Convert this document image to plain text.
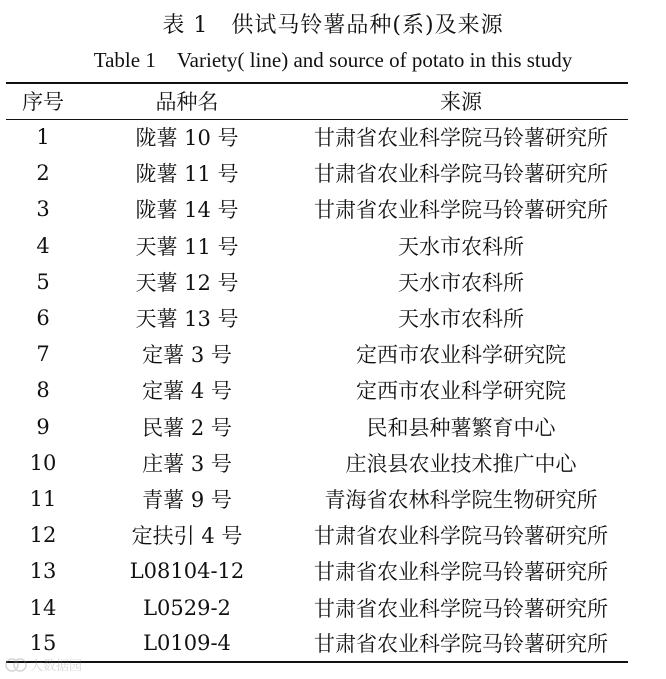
表 1　供试马铃薯品种(系)及来源
Table 1　Variety( line) and source of potato in this study
序号	品种名	来源
1	陇薯 10 号	甘肃省农业科学院马铃薯研究所
2	陇薯 11 号	甘肃省农业科学院马铃薯研究所
3	陇薯 14 号	甘肃省农业科学院马铃薯研究所
4	天薯 11 号	天水市农科所
5	天薯 12 号	天水市农科所
6	天薯 13 号	天水市农科所
7	定薯 3 号	定西市农业科学研究院
8	定薯 4 号	定西市农业科学研究院
9	民薯 2 号	民和县种薯繁育中心
10	庄薯 3 号	庄浪县农业技术推广中心
11	青薯 9 号	青海省农林科学院生物研究所
12	定扶引 4 号	甘肃省农业科学院马铃薯研究所
13	L08104-12	甘肃省农业科学院马铃薯研究所
14	L0529-2	甘肃省农业科学院马铃薯研究所
15	L0109-4	甘肃省农业科学院马铃薯研究所
大数据园
